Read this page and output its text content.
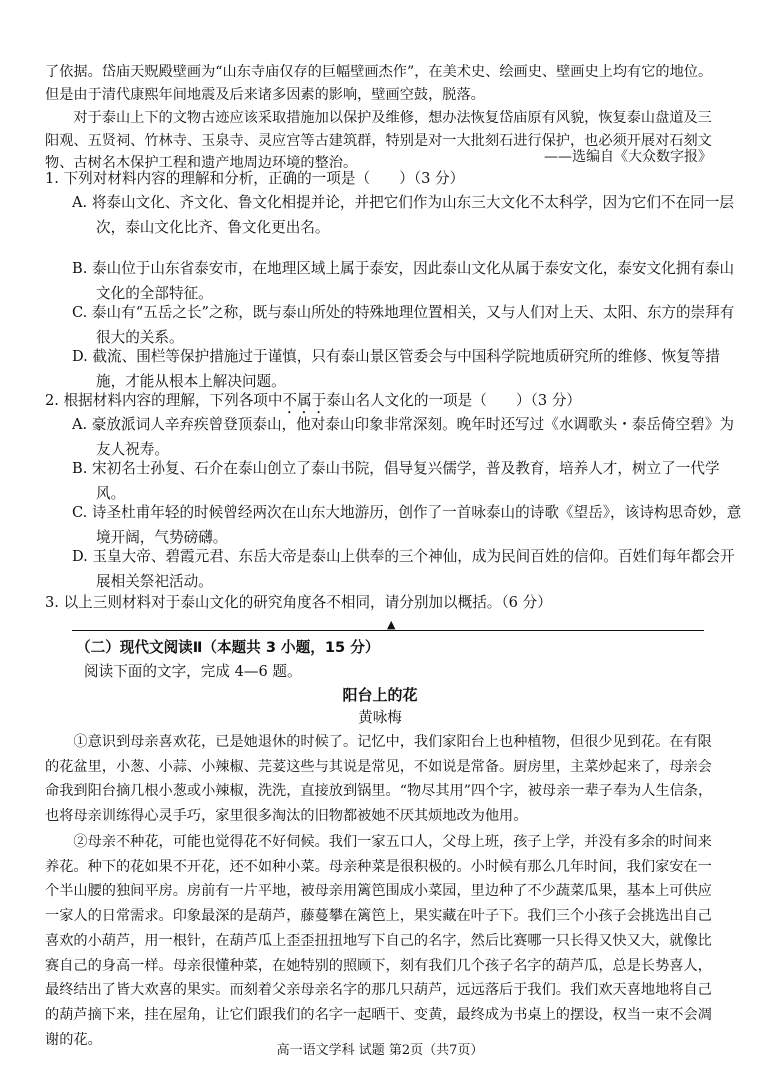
了依据。岱庙天贶殿壁画为“山东寺庙仅存的巨幅壁画杰作”，在美术史、绘画史、壁画史上均有它的地位。但是由于清代康熙年间地震及后来诸多因素的影响，壁画空鼓，脱落。

对于泰山上下的文物古迹应该采取措施加以保护及维修，想办法恢复岱庙原有风貌，恢复泰山盘道及三阳观、五贤祠、竹林寺、玉泉寺、灵应宫等古建筑群，特别是对一大批刻石进行保护，也必须开展对石刻文物、古树名木保护工程和遗产地周边环境的整治。	——选编自《大众数字报》

1. 下列对材料内容的理解和分析，正确的一项是（　　）（3 分）

A. 将泰山文化、齐文化、鲁文化相提并论，并把它们作为山东三大文化不太科学，因为它们不在同一层次，泰山文化比齐、鲁文化更出名。

B. 泰山位于山东省泰安市，在地理区域上属于泰安，因此泰山文化从属于泰安文化，泰安文化拥有泰山文化的全部特征。

C. 泰山有“五岳之长”之称，既与泰山所处的特殊地理位置相关，又与人们对上天、太阳、东方的崇拜有很大的关系。

D. 截流、围栏等保护措施过于谨慎，只有泰山景区管委会与中国科学院地质研究所的维修、恢复等措施，才能从根本上解决问题。

2. 根据材料内容的理解，下列各项中不属于泰山名人文化的一项是（　　）（3 分）

A. 豪放派词人辛弃疾曾登顶泰山，他对泰山印象非常深刻。晚年时还写过《水调歌头・泰岳倚空碧》为友人祝寿。

B. 宋初名士孙复、石介在泰山创立了泰山书院，倡导复兴儒学，普及教育，培养人才，树立了一代学风。

C. 诗圣杜甫年轻的时候曾经两次在山东大地游历，创作了一首咏泰山的诗歌《望岳》，该诗构思奇妙，意境开阔，气势磅礴。

D. 玉皇大帝、碧霞元君、东岳大帝是泰山上供奉的三个神仙，成为民间百姓的信仰。百姓们每年都会开展相关祭祀活动。

3. 以上三则材料对于泰山文化的研究角度各不相同，请分别加以概括。（6 分）

▲
（二）现代文阅读Ⅱ（本题共 3 小题，15 分）
阅读下面的文字，完成 4—6 题。
阳台上的花
黄咏梅

①意识到母亲喜欢花，已是她退休的时候了。记忆中，我们家阳台上也种植物，但很少见到花。在有限的花盆里，小葱、小蒜、小辣椒、芫荽这些与其说是常见，不如说是常备。厨房里，主菜炒起来了，母亲会命我到阳台摘几根小葱或小辣椒，洗洗，直接放到锅里。“物尽其用”四个字，被母亲一辈子奉为人生信条，也将母亲训练得心灵手巧，家里很多淘汰的旧物都被她不厌其烦地改为他用。

②母亲不种花，可能也觉得花不好伺候。我们一家五口人，父母上班，孩子上学，并没有多余的时间来养花。种下的花如果不开花，还不如种小菜。母亲种菜是很积极的。小时候有那么几年时间，我们家安在一个半山腰的独间平房。房前有一片平地，被母亲用篱笆围成小菜园，里边种了不少蔬菜瓜果，基本上可供应一家人的日常需求。印象最深的是葫芦，藤蔓攀在篱笆上，果实藏在叶子下。我们三个小孩子会挑选出自己喜欢的小葫芦，用一根针，在葫芦瓜上歪歪扭扭地写下自己的名字，然后比赛哪一只长得又快又大，就像比赛自己的身高一样。母亲很懂种菜，在她特别的照顾下，刻有我们几个孩子名字的葫芦瓜，总是长势喜人，最终结出了皆大欢喜的果实。而刻着父亲母亲名字的那几只葫芦，远远落后于我们。我们欢天喜地地将自己的葫芦摘下来，挂在屋角，让它们跟我们的名字一起晒干、变黄，最终成为书桌上的摆设，权当一束不会凋谢的花。

高一语文学科 试题 第2页（共7页）
